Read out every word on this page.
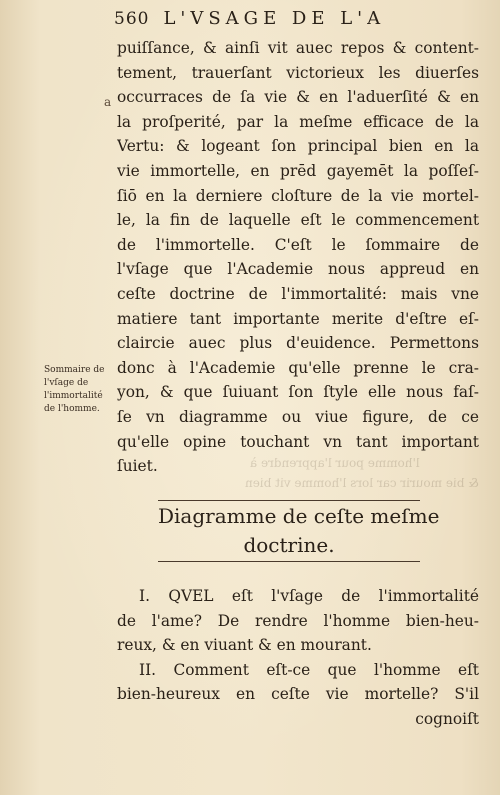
l'homme pour l'apprendre à
& bie mourir car lors l'homme vit bien
560 L'VSAGE DE L'A
a
puiſſance, & ainſi vit auec repos & content-
tement, trauerſant victorieux les diuerſes
occurraces de ſa vie & en l'aduerſité & en
la proſperité, par la meſme efficace de la
Vertu: & logeant ſon principal bien en la
vie immortelle, en prēd gayemēt la poſſeſ-
ſiō en la derniere cloſture de la vie mortel-
le, la fin de laquelle eſt le commencement
de l'immortelle. C'eſt le ſommaire de
l'vſage que l'Academie nous appreud en
ceſte doctrine de l'immortalité: mais vne
matiere tant importante merite d'eſtre eſ-
claircie auec plus d'euidence. Permettons
donc à l'Academie qu'elle prenne le cra-
yon, & que ſuiuant ſon ſtyle elle nous faſ-
ſe vn diagramme ou viue figure, de ce
qu'elle opine touchant vn tant important
ſuiet.
Sommaire de l'vſage de l'immortalité de l'homme.
Diagramme de ceſte meſme
doctrine.
I. QVEL eſt l'vſage de l'immortalité
de l'ame? De rendre l'homme bien-heu-
reux, & en viuant & en mourant.
II. Comment eſt-ce que l'homme eſt
bien-heureux en ceſte vie mortelle? S'il
cognoiſt
